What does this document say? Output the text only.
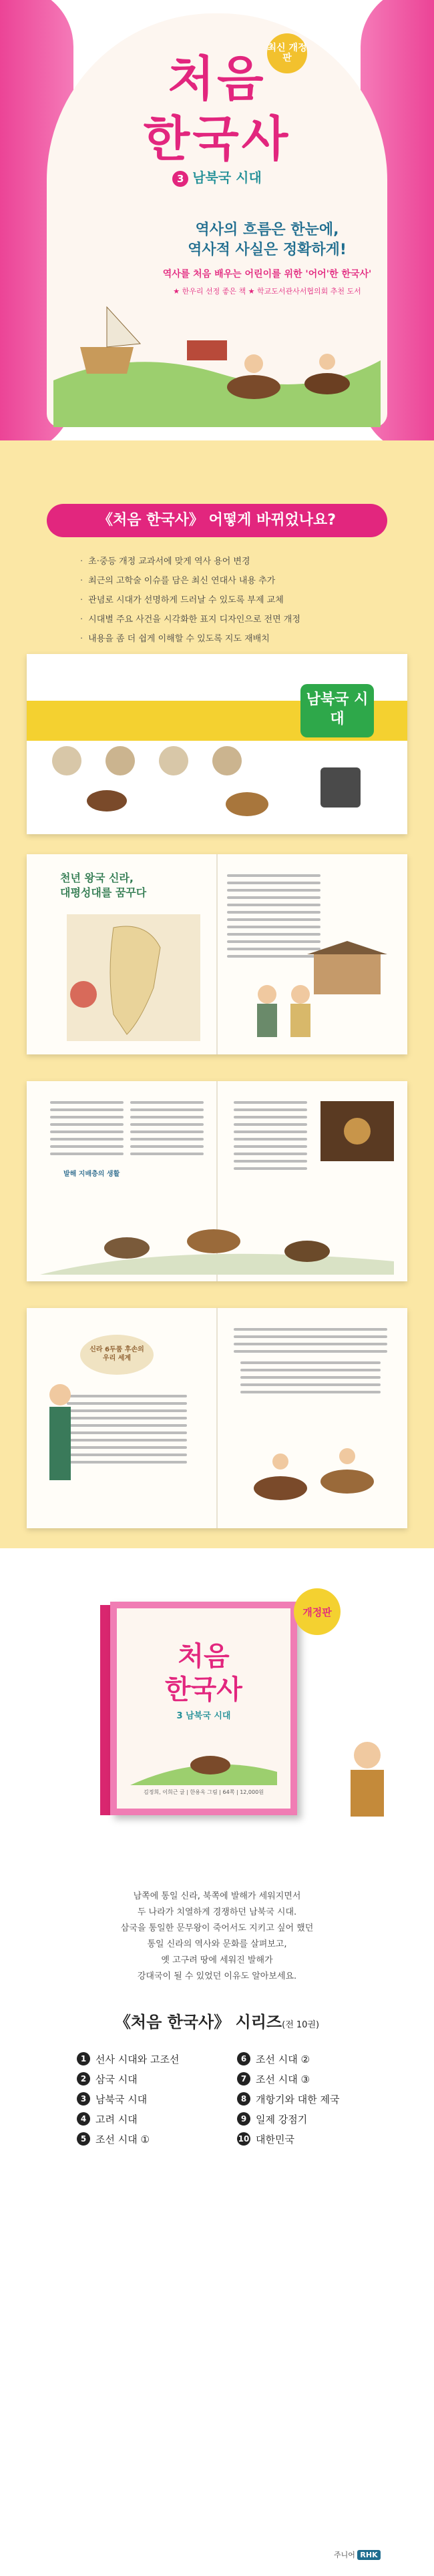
처음
한국사
최신 개정판
3 남북국 시대
역사의 흐름은 한눈에,
역사적 사실은 정확하게!
역사를 처음 배우는 어린이를 위한 '어어'한 한국사'
★ 한우리 선정 좋은 책 ★ 학교도서관사서협의회 추천 도서
《처음 한국사》 어떻게 바뀌었나요?
· 초·중등 개정 교과서에 맞게 역사 용어 변경
· 최근의 고학술 이슈를 담은 최신 연대사 내용 추가
· 관념로 시대가 선명하게 드러날 수 있도록 부제 교체
· 시대별 주요 사건을 시각화한 표지 디자인으로 전면 개정
· 내용을 좀 더 쉽게 이해할 수 있도록 지도 재배치
남북국 시대
천년 왕국 신라,
대평성대를 꿈꾸다
발해 지배층의 생활
신라 6두품 후손의
우리 세계
처음
한국사
3 남북국 시대
김정희, 이희근 글 | 한용옥 그림 | 64쪽 | 12,000원
개정판
남쪽에 통일 신라, 북쪽에 발해가 세워지면서
두 나라가 치열하게 경쟁하던 남북국 시대.
삼국을 통일한 문무왕이 죽어서도 지키고 싶어 했던
통일 신라의 역사와 문화를 살펴보고,
옛 고구려 땅에 세워진 발해가
강대국이 될 수 있었던 이유도 알아보세요.
《처음 한국사》 시리즈(전 10권)
1 선사 시대와 고조선
2 삼국 시대
3 남북국 시대
4 고려 시대
5 조선 시대 ①
6 조선 시대 ②
7 조선 시대 ③
8 개항기와 대한 제국
9 일제 강점기
10 대한민국
주니어 RHK
